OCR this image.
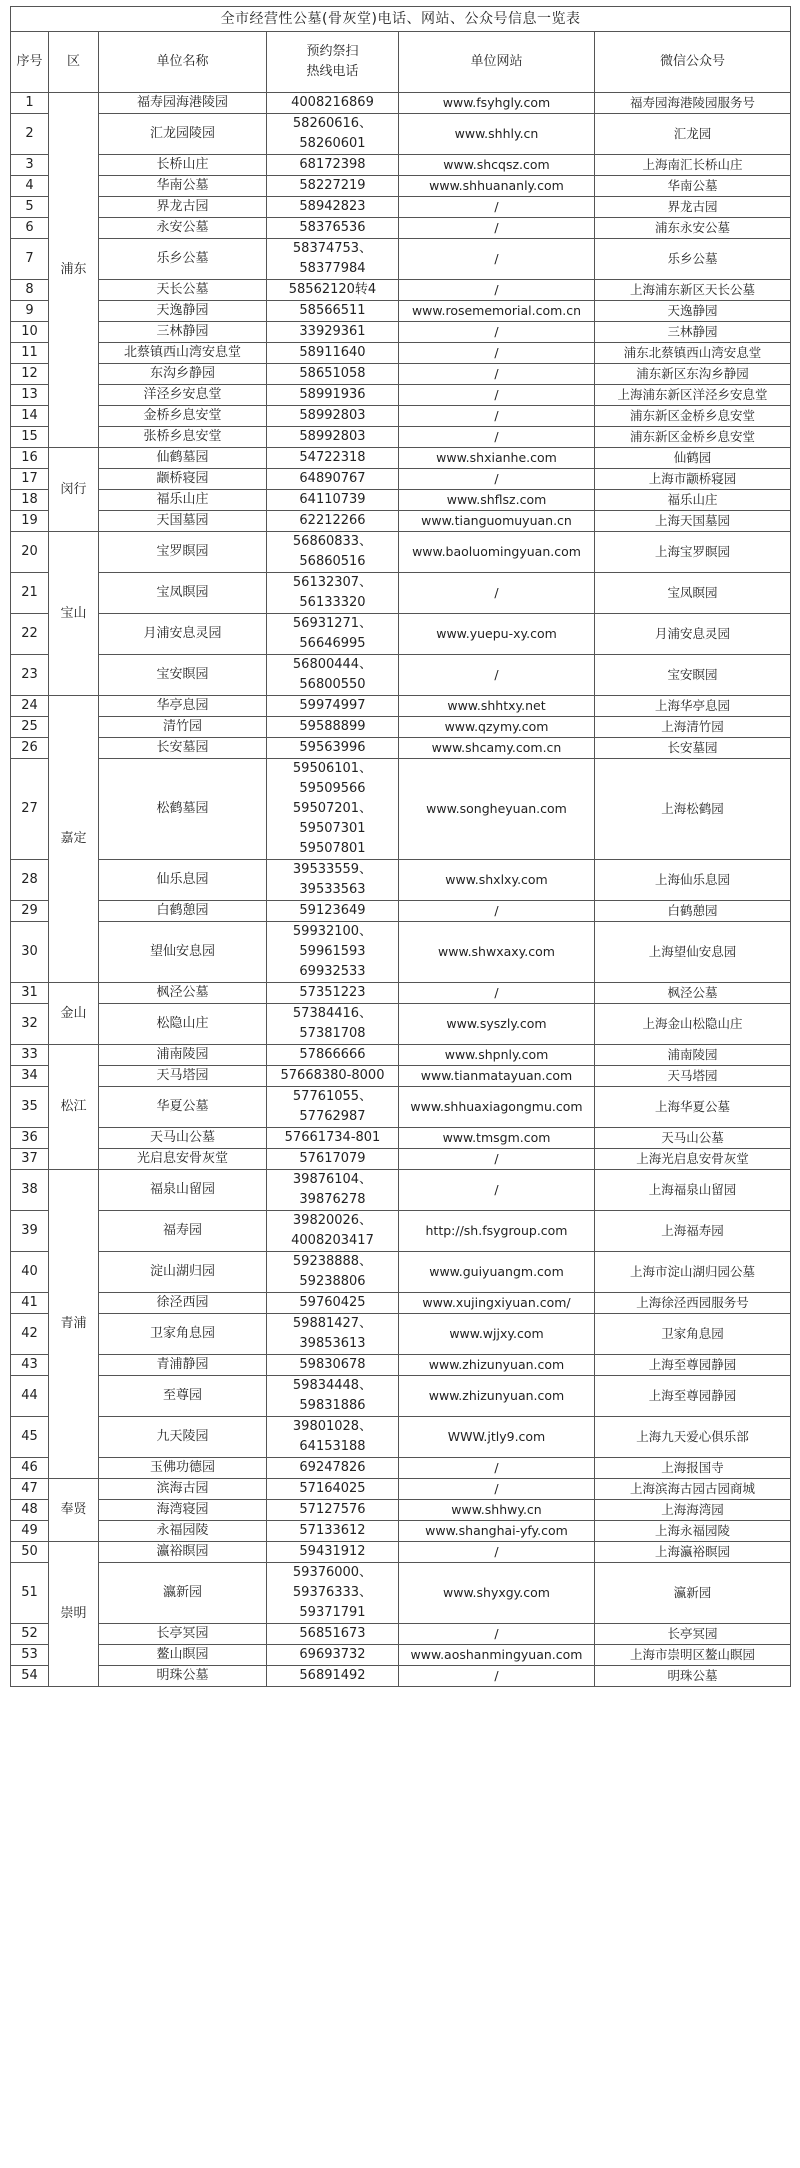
全市经营性公墓(骨灰堂)电话、网站、公众号信息一览表					
序号	区	单位名称	预约祭扫
热线电话	单位网站	微信公众号
1	浦东	福寿园海港陵园	4008216869	www.fsyhgly.com	福寿园海港陵园服务号
2		汇龙园陵园	58260616、
58260601	www.shhly.cn	汇龙园
3		长桥山庄	68172398	www.shcqsz.com	上海南汇长桥山庄
4		华南公墓	58227219	www.shhuananly.com	华南公墓
5		界龙古园	58942823	/	界龙古园
6		永安公墓	58376536	/	浦东永安公墓
7		乐乡公墓	58374753、
58377984	/	乐乡公墓
8		天长公墓	58562120转4	/	上海浦东新区天长公墓
9		天逸静园	58566511	www.rosememorial.com.cn	天逸静园
10		三林静园	33929361	/	三林静园
11		北蔡镇西山湾安息堂	58911640	/	浦东北蔡镇西山湾安息堂
12		东沟乡静园	58651058	/	浦东新区东沟乡静园
13		洋泾乡安息堂	58991936	/	上海浦东新区洋泾乡安息堂
14		金桥乡息安堂	58992803	/	浦东新区金桥乡息安堂
15		张桥乡息安堂	58992803	/	浦东新区金桥乡息安堂
16	闵行	仙鹤墓园	54722318	www.shxianhe.com	仙鹤园
17		颛桥寝园	64890767	/	上海市颛桥寝园
18		福乐山庄	64110739	www.shflsz.com	福乐山庄
19		天国墓园	62212266	www.tianguomuyuan.cn	上海天国墓园
20	宝山	宝罗瞑园	56860833、
56860516	www.baoluomingyuan.com	上海宝罗瞑园
21		宝凤瞑园	56132307、
56133320	/	宝凤瞑园
22		月浦安息灵园	56931271、
56646995	www.yuepu-xy.com	月浦安息灵园
23		宝安瞑园	56800444、
56800550	/	宝安瞑园
24	嘉定	华亭息园	59974997	www.shhtxy.net	上海华亭息园
25		清竹园	59588899	www.qzymy.com	上海清竹园
26		长安墓园	59563996	www.shcamy.com.cn	长安墓园
27		松鹤墓园	59506101、
59509566
59507201、
59507301
59507801	www.songheyuan.com	上海松鹤园
28		仙乐息园	39533559、
39533563	www.shxlxy.com	上海仙乐息园
29		白鹤憩园	59123649	/	白鹤憩园
30		望仙安息园	59932100、
59961593
69932533	www.shwxaxy.com	上海望仙安息园
31	金山	枫泾公墓	57351223	/	枫泾公墓
32		松隐山庄	57384416、
57381708	www.syszly.com	上海金山松隐山庄
33	松江	浦南陵园	57866666	www.shpnly.com	浦南陵园
34		天马塔园	57668380-8000	www.tianmatayuan.com	天马塔园
35		华夏公墓	57761055、
57762987	www.shhuaxiagongmu.com	上海华夏公墓
36		天马山公墓	57661734-801	www.tmsgm.com	天马山公墓
37		光启息安骨灰堂	57617079	/	上海光启息安骨灰堂
38	青浦	福泉山留园	39876104、
39876278	/	上海福泉山留园
39		福寿园	39820026、
4008203417	http://sh.fsygroup.com	上海福寿园
40		淀山湖归园	59238888、
59238806	www.guiyuangm.com	上海市淀山湖归园公墓
41		徐泾西园	59760425	www.xujingxiyuan.com/	上海徐泾西园服务号
42		卫家角息园	59881427、
39853613	www.wjjxy.com	卫家角息园
43		青浦静园	59830678	www.zhizunyuan.com	上海至尊园静园
44		至尊园	59834448、
59831886	www.zhizunyuan.com	上海至尊园静园
45		九天陵园	39801028、
64153188	WWW.jtly9.com	上海九天爱心俱乐部
46		玉佛功德园	69247826	/	上海报国寺
47	奉贤	滨海古园	57164025	/	上海滨海古园古园商城
48		海湾寝园	57127576	www.shhwy.cn	上海海湾园
49		永福园陵	57133612	www.shanghai-yfy.com	上海永福园陵
50	崇明	瀛裕瞑园	59431912	/	上海瀛裕瞑园
51		瀛新园	59376000、
59376333、
59371791	www.shyxgy.com	瀛新园
52		长亭冥园	56851673	/	长亭冥园
53		鳌山瞑园	69693732	www.aoshanmingyuan.com	上海市崇明区鳌山瞑园
54		明珠公墓	56891492	/	明珠公墓
